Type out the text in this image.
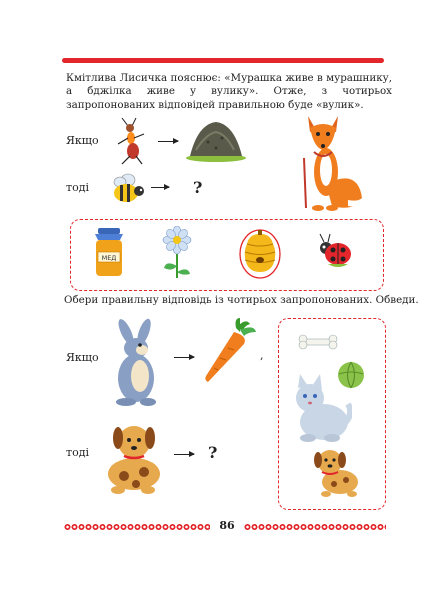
Кмітлива Лисичка пояснює: «Мурашка живе в мурашнику, а бджілка живе у вулику». Отже, з чотирьох запропонованих відповідей правильною буде «вулик».
Якщо
тоді	?
МЕД
Обери правильну відповідь із чотирьох запропонованих. Обведи.
Якщо	,
тоді	?
86
